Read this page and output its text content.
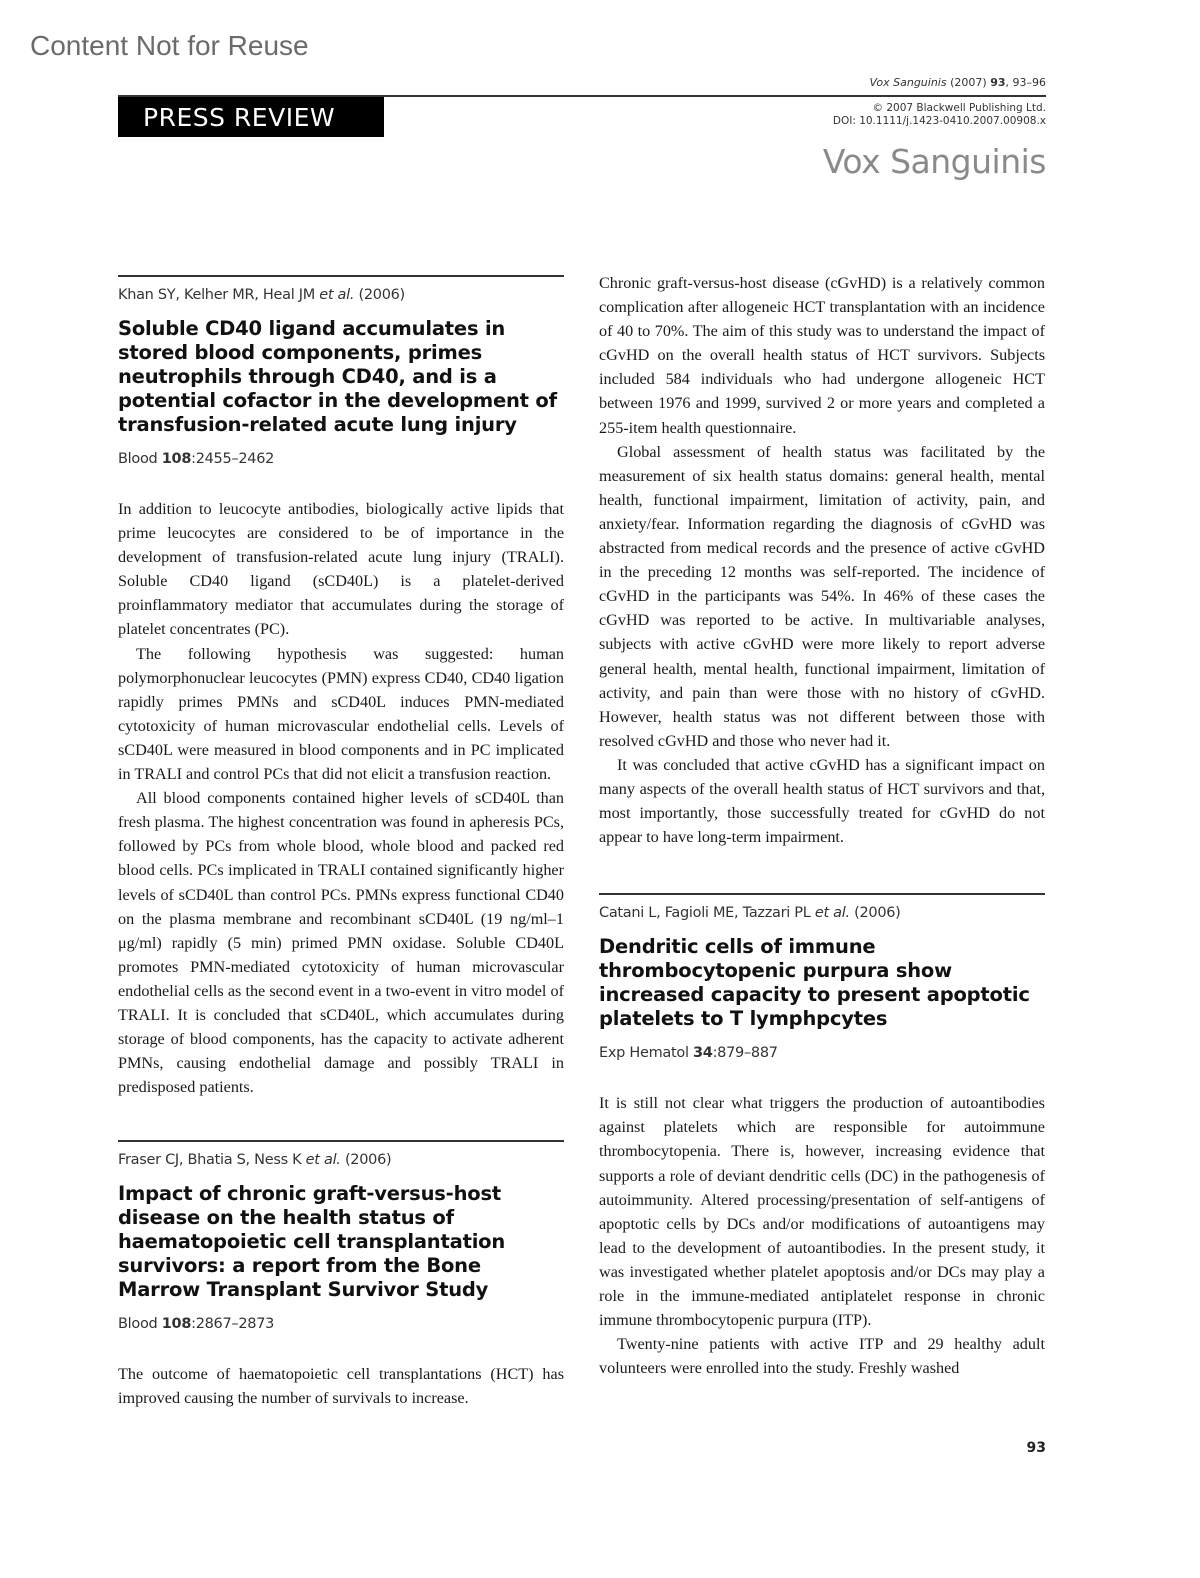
Content Not for Reuse
Vox Sanguinis (2007) 93, 93–96
PRESS REVIEW	© 2007 Blackwell Publishing Ltd.
DOI: 10.1111/j.1423-0410.2007.00908.x
Vox Sanguinis
Khan SY, Kelher MR, Heal JM et al. (2006)
Soluble CD40 ligand accumulates in stored blood components, primes neutrophils through CD40, and is a potential cofactor in the development of transfusion-related acute lung injury
Blood 108:2455–2462

In addition to leucocyte antibodies, biologically active lipids that prime leucocytes are considered to be of importance in the development of transfusion-related acute lung injury (TRALI). Soluble CD40 ligand (sCD40L) is a platelet-derived proinflammatory mediator that accumulates during the storage of platelet concentrates (PC).

The following hypothesis was suggested: human polymorphonuclear leucocytes (PMN) express CD40, CD40 ligation rapidly primes PMNs and sCD40L induces PMN-mediated cytotoxicity of human microvascular endothelial cells. Levels of sCD40L were measured in blood components and in PC implicated in TRALI and control PCs that did not elicit a transfusion reaction.

All blood components contained higher levels of sCD40L than fresh plasma. The highest concentration was found in apheresis PCs, followed by PCs from whole blood, whole blood and packed red blood cells. PCs implicated in TRALI contained significantly higher levels of sCD40L than control PCs. PMNs express functional CD40 on the plasma membrane and recombinant sCD40L (19 ng/ml–1 μg/ml) rapidly (5 min) primed PMN oxidase. Soluble CD40L promotes PMN-mediated cytotoxicity of human microvascular endothelial cells as the second event in a two-event in vitro model of TRALI. It is concluded that sCD40L, which accumulates during storage of blood components, has the capacity to activate adherent PMNs, causing endothelial damage and possibly TRALI in predisposed patients.

Fraser CJ, Bhatia S, Ness K et al. (2006)
Impact of chronic graft-versus-host disease on the health status of haematopoietic cell transplantation survivors: a report from the Bone Marrow Transplant Survivor Study
Blood 108:2867–2873

The outcome of haematopoietic cell transplantations (HCT) has improved causing the number of survivals to increase.

Chronic graft-versus-host disease (cGvHD) is a relatively common complication after allogeneic HCT transplantation with an incidence of 40 to 70%. The aim of this study was to understand the impact of cGvHD on the overall health status of HCT survivors. Subjects included 584 individuals who had undergone allogeneic HCT between 1976 and 1999, survived 2 or more years and completed a 255-item health questionnaire.

Global assessment of health status was facilitated by the measurement of six health status domains: general health, mental health, functional impairment, limitation of activity, pain, and anxiety/fear. Information regarding the diagnosis of cGvHD was abstracted from medical records and the presence of active cGvHD in the preceding 12 months was self-reported. The incidence of cGvHD in the participants was 54%. In 46% of these cases the cGvHD was reported to be active. In multivariable analyses, subjects with active cGvHD were more likely to report adverse general health, mental health, functional impairment, limitation of activity, and pain than were those with no history of cGvHD. However, health status was not different between those with resolved cGvHD and those who never had it.

It was concluded that active cGvHD has a significant impact on many aspects of the overall health status of HCT survivors and that, most importantly, those successfully treated for cGvHD do not appear to have long-term impairment.

Catani L, Fagioli ME, Tazzari PL et al. (2006)
Dendritic cells of immune thrombocytopenic purpura show increased capacity to present apoptotic platelets to T lymphpcytes
Exp Hematol 34:879–887

It is still not clear what triggers the production of autoantibodies against platelets which are responsible for autoimmune thrombocytopenia. There is, however, increasing evidence that supports a role of deviant dendritic cells (DC) in the pathogenesis of autoimmunity. Altered processing/presentation of self-antigens of apoptotic cells by DCs and/or modifications of autoantigens may lead to the development of autoantibodies. In the present study, it was investigated whether platelet apoptosis and/or DCs may play a role in the immune-mediated antiplatelet response in chronic immune thrombocytopenic purpura (ITP).

Twenty-nine patients with active ITP and 29 healthy adult volunteers were enrolled into the study. Freshly washed

93
